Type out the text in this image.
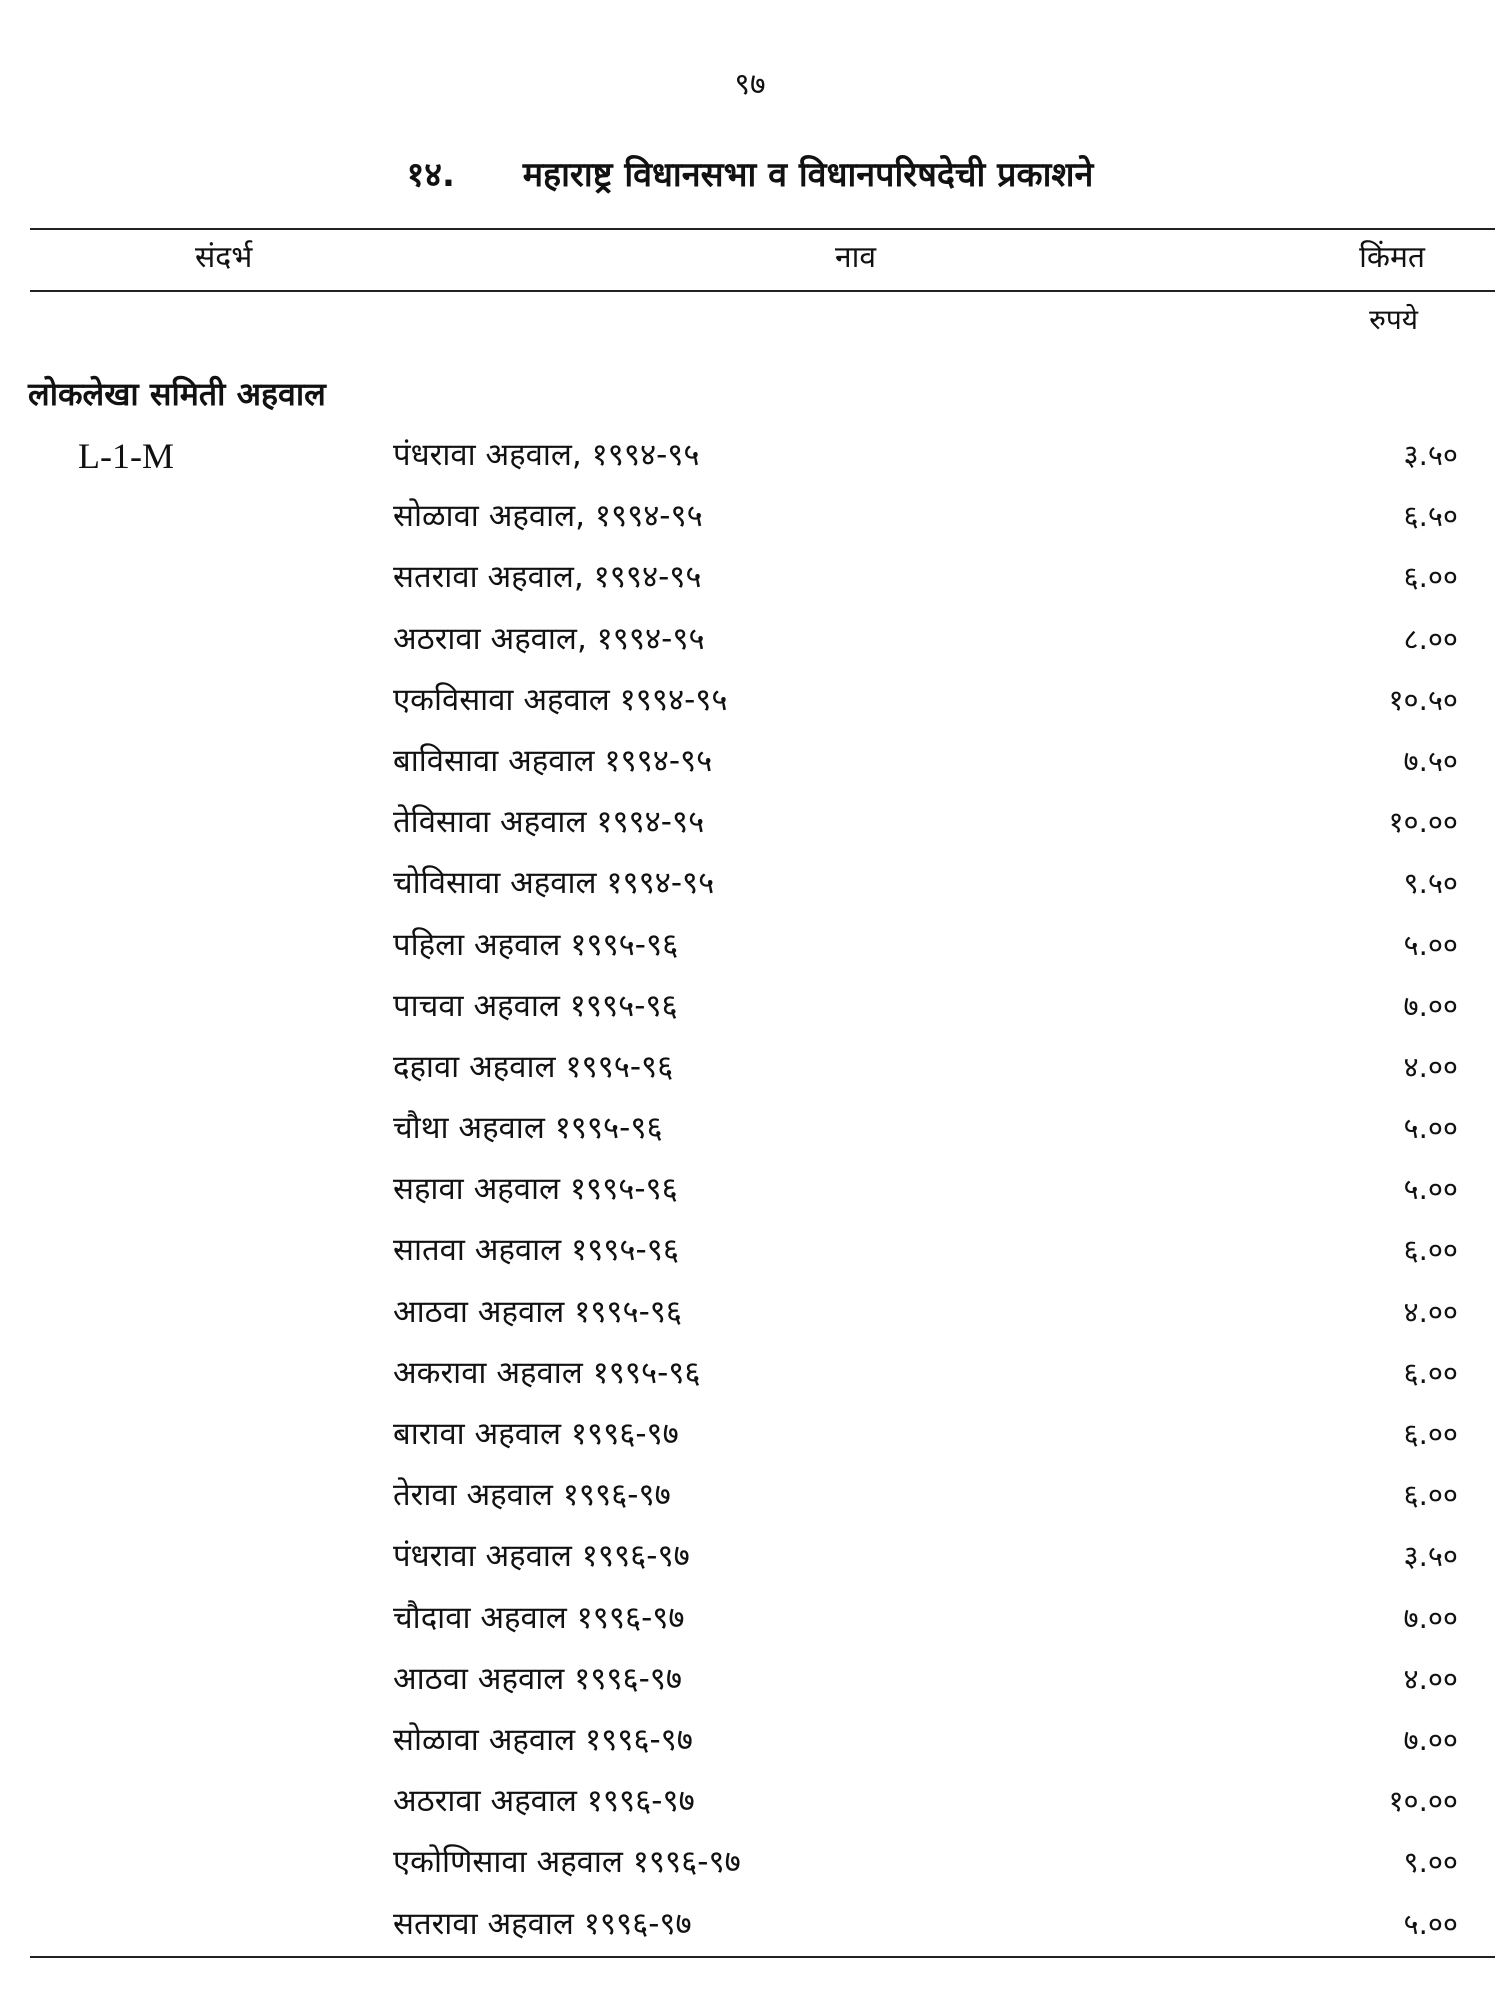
९७
१४. महाराष्ट्र विधानसभा व विधानपरिषदेची प्रकाशने
संदर्भ	नाव	किंमत
रुपये
लोकलेखा समिती अहवाल
L-1-M	पंधरावा अहवाल, १९९४-९५	३.५०
सोळावा अहवाल, १९९४-९५	६.५०
सतरावा अहवाल, १९९४-९५	६.००
अठरावा अहवाल, १९९४-९५	८.००
एकविसावा अहवाल १९९४-९५	१०.५०
बाविसावा अहवाल १९९४-९५	७.५०
तेविसावा अहवाल १९९४-९५	१०.००
चोविसावा अहवाल १९९४-९५	९.५०
पहिला अहवाल १९९५-९६	५.००
पाचवा अहवाल १९९५-९६	७.००
दहावा अहवाल १९९५-९६	४.००
चौथा अहवाल १९९५-९६	५.००
सहावा अहवाल १९९५-९६	५.००
सातवा अहवाल १९९५-९६	६.००
आठवा अहवाल १९९५-९६	४.००
अकरावा अहवाल १९९५-९६	६.००
बारावा अहवाल १९९६-९७	६.००
तेरावा अहवाल १९९६-९७	६.००
पंधरावा अहवाल १९९६-९७	३.५०
चौदावा अहवाल १९९६-९७	७.००
आठवा अहवाल १९९६-९७	४.००
सोळावा अहवाल १९९६-९७	७.००
अठरावा अहवाल १९९६-९७	१०.००
एकोणिसावा अहवाल १९९६-९७	९.००
सतरावा अहवाल १९९६-९७	५.००
